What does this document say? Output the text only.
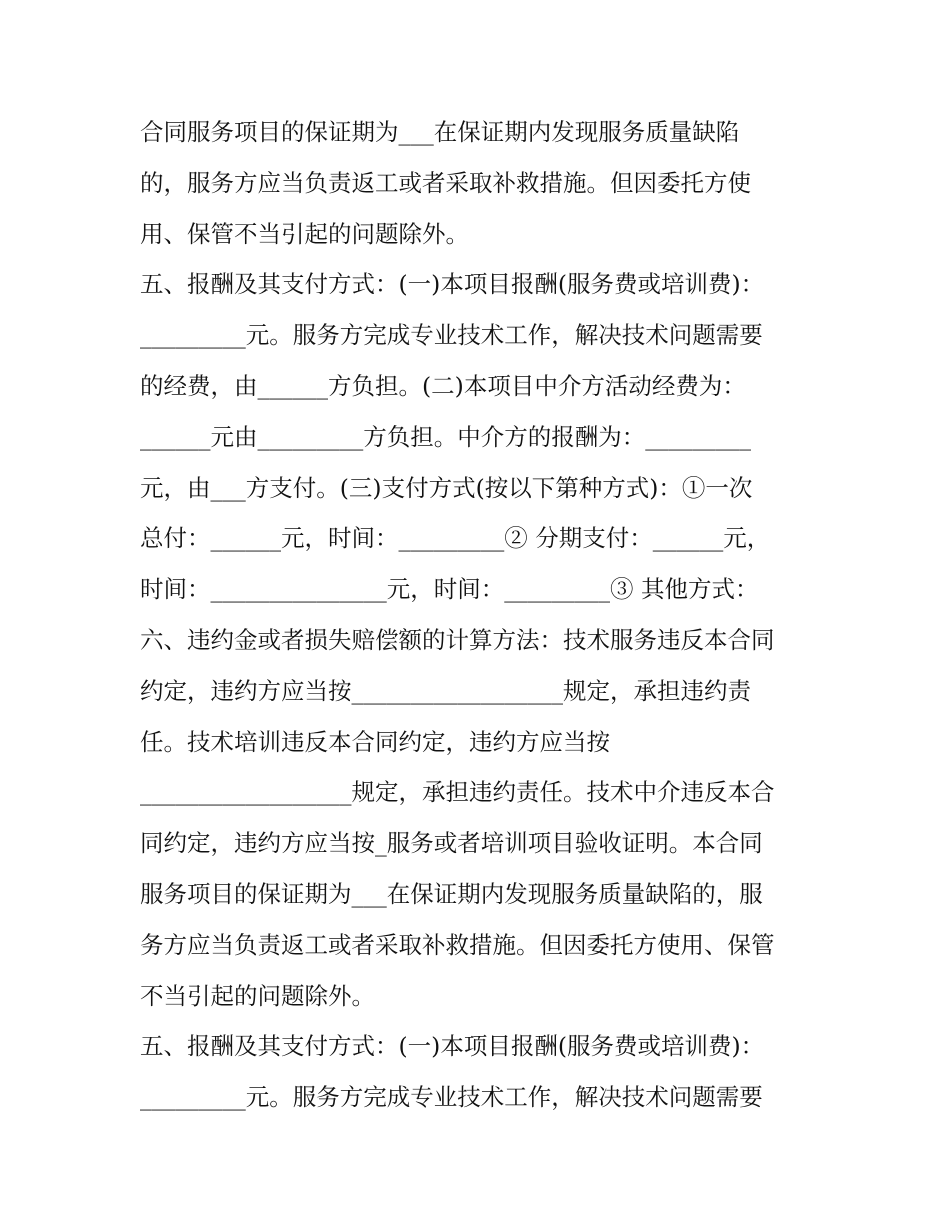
合同服务项目的保证期为___在保证期内发现服务质量缺陷
的，服务方应当负责返工或者采取补救措施。但因委托方使
用、保管不当引起的问题除外。
五、报酬及其支付方式：(一)本项目报酬(服务费或培训费)：
_________元。服务方完成专业技术工作，解决技术问题需要
的经费，由______方负担。(二)本项目中介方活动经费为：
______元由_________方负担。中介方的报酬为：_________
元，由___方支付。(三)支付方式(按以下第种方式)：①一次
总付：______元，时间：_________② 分期支付：______元，
时间：_______________元，时间：_________③ 其他方式：
六、违约金或者损失赔偿额的计算方法：技术服务违反本合同
约定，违约方应当按__________________规定，承担违约责
任。技术培训违反本合同约定，违约方应当按
__________________规定，承担违约责任。技术中介违反本合
同约定，违约方应当按_服务或者培训项目验收证明。本合同
服务项目的保证期为___在保证期内发现服务质量缺陷的，服
务方应当负责返工或者采取补救措施。但因委托方使用、保管
不当引起的问题除外。
五、报酬及其支付方式：(一)本项目报酬(服务费或培训费)：
_________元。服务方完成专业技术工作，解决技术问题需要
